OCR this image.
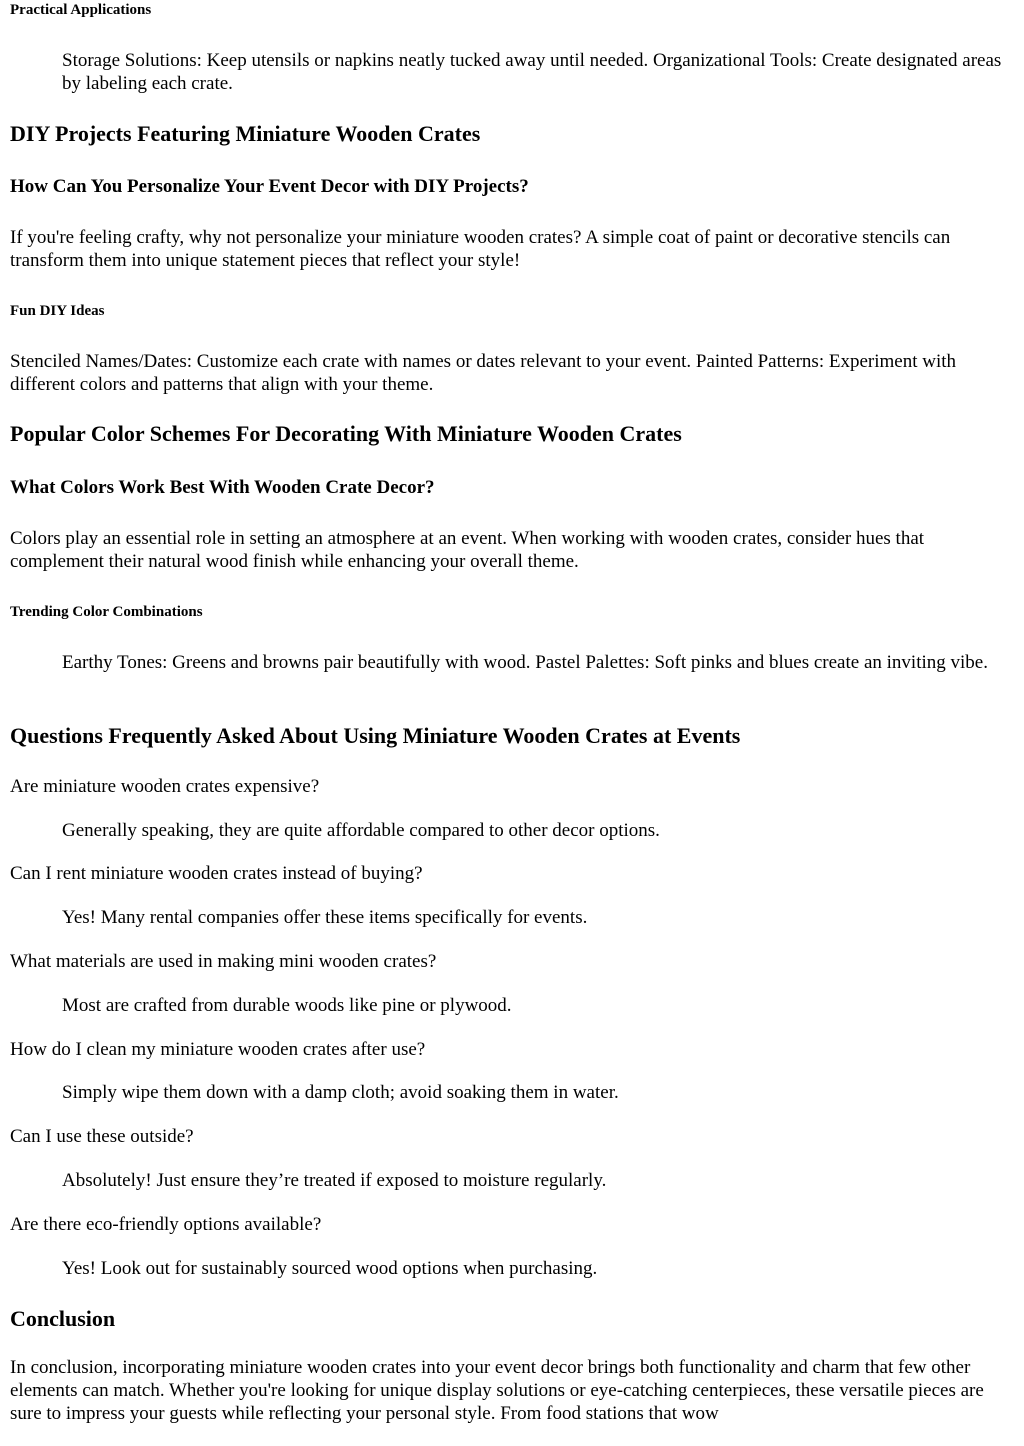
Practical Applications
Storage Solutions: Keep utensils or napkins neatly tucked away until needed. Organizational Tools: Create designated areas by labeling each crate.
DIY Projects Featuring Miniature Wooden Crates
How Can You Personalize Your Event Decor with DIY Projects?

If you're feeling crafty, why not personalize your miniature wooden crates? A simple coat of paint or decorative stencils can transform them into unique statement pieces that reflect your style!

Fun DIY Ideas

Stenciled Names/Dates: Customize each crate with names or dates relevant to your event. Painted Patterns: Experiment with different colors and patterns that align with your theme.

Popular Color Schemes For Decorating With Miniature Wooden Crates
What Colors Work Best With Wooden Crate Decor?

Colors play an essential role in setting an atmosphere at an event. When working with wooden crates, consider hues that complement their natural wood finish while enhancing your overall theme.

Trending Color Combinations
Earthy Tones: Greens and browns pair beautifully with wood. Pastel Palettes: Soft pinks and blues create an inviting vibe.
Questions Frequently Asked About Using Miniature Wooden Crates at Events
Are miniature wooden crates expensive?
Generally speaking, they are quite affordable compared to other decor options.
Can I rent miniature wooden crates instead of buying?
Yes! Many rental companies offer these items specifically for events.
What materials are used in making mini wooden crates?
Most are crafted from durable woods like pine or plywood.
How do I clean my miniature wooden crates after use?
Simply wipe them down with a damp cloth; avoid soaking them in water.
Can I use these outside?
Absolutely! Just ensure they’re treated if exposed to moisture regularly.
Are there eco-friendly options available?
Yes! Look out for sustainably sourced wood options when purchasing.
Conclusion

In conclusion, incorporating miniature wooden crates into your event decor brings both functionality and charm that few other elements can match. Whether you're looking for unique display solutions or eye-catching centerpieces, these versatile pieces are sure to impress your guests while reflecting your personal style. From food stations that wow
